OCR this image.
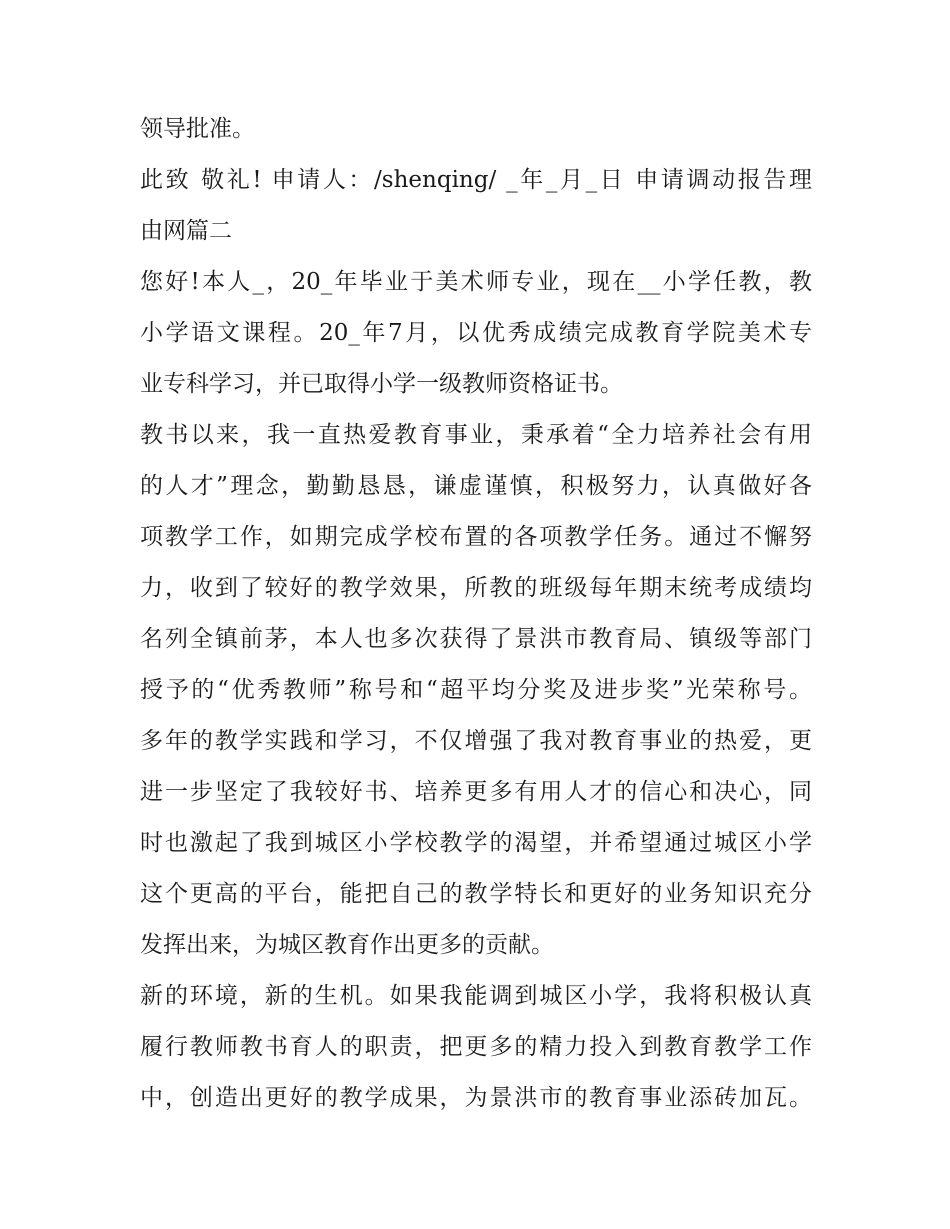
领导批准。
此致 敬礼! 申请人：/shenqing/ _年_月_日 申请调动报告理
由网篇二
您好!本人_，20_年毕业于美术师专业，现在__小学任教，教
小学语文课程。20_年7月，以优秀成绩完成教育学院美术专
业专科学习，并已取得小学一级教师资格证书。
教书以来，我一直热爱教育事业，秉承着“全力培养社会有用
的人才”理念，勤勤恳恳，谦虚谨慎，积极努力，认真做好各
项教学工作，如期完成学校布置的各项教学任务。通过不懈努
力，收到了较好的教学效果，所教的班级每年期末统考成绩均
名列全镇前茅，本人也多次获得了景洪市教育局、镇级等部门
授予的“优秀教师”称号和“超平均分奖及进步奖”光荣称号。
多年的教学实践和学习，不仅增强了我对教育事业的热爱，更
进一步坚定了我较好书、培养更多有用人才的信心和决心，同
时也激起了我到城区小学校教学的渴望，并希望通过城区小学
这个更高的平台，能把自己的教学特长和更好的业务知识充分
发挥出来，为城区教育作出更多的贡献。
新的环境，新的生机。如果我能调到城区小学，我将积极认真
履行教师教书育人的职责，把更多的精力投入到教育教学工作
中，创造出更好的教学成果，为景洪市的教育事业添砖加瓦。
